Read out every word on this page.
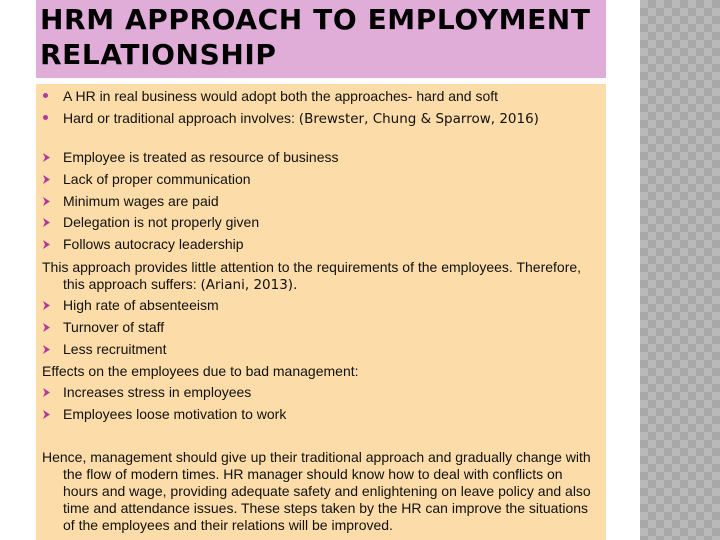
HRM APPROACH TO EMPLOYMENT RELATIONSHIP
A HR in real business would adopt both the approaches- hard and soft
Hard or traditional approach involves: (Brewster, Chung & Sparrow, 2016)
Employee is treated as resource of business
Lack of proper communication
Minimum wages are paid
Delegation is not properly given
Follows autocracy leadership
This approach provides little attention to the requirements of the employees. Therefore, this approach suffers: (Ariani, 2013).
High rate of absenteeism
Turnover of staff
Less recruitment
Effects on the employees due to bad management:
Increases stress in employees
Employees loose motivation to work
Hence, management should give up their traditional approach and gradually change with the flow of modern times. HR manager should know how to deal with conflicts on hours and wage, providing adequate safety and enlightening on leave policy and also time and attendance issues. These steps taken by the HR can improve the situations of the employees and their relations will be improved.
